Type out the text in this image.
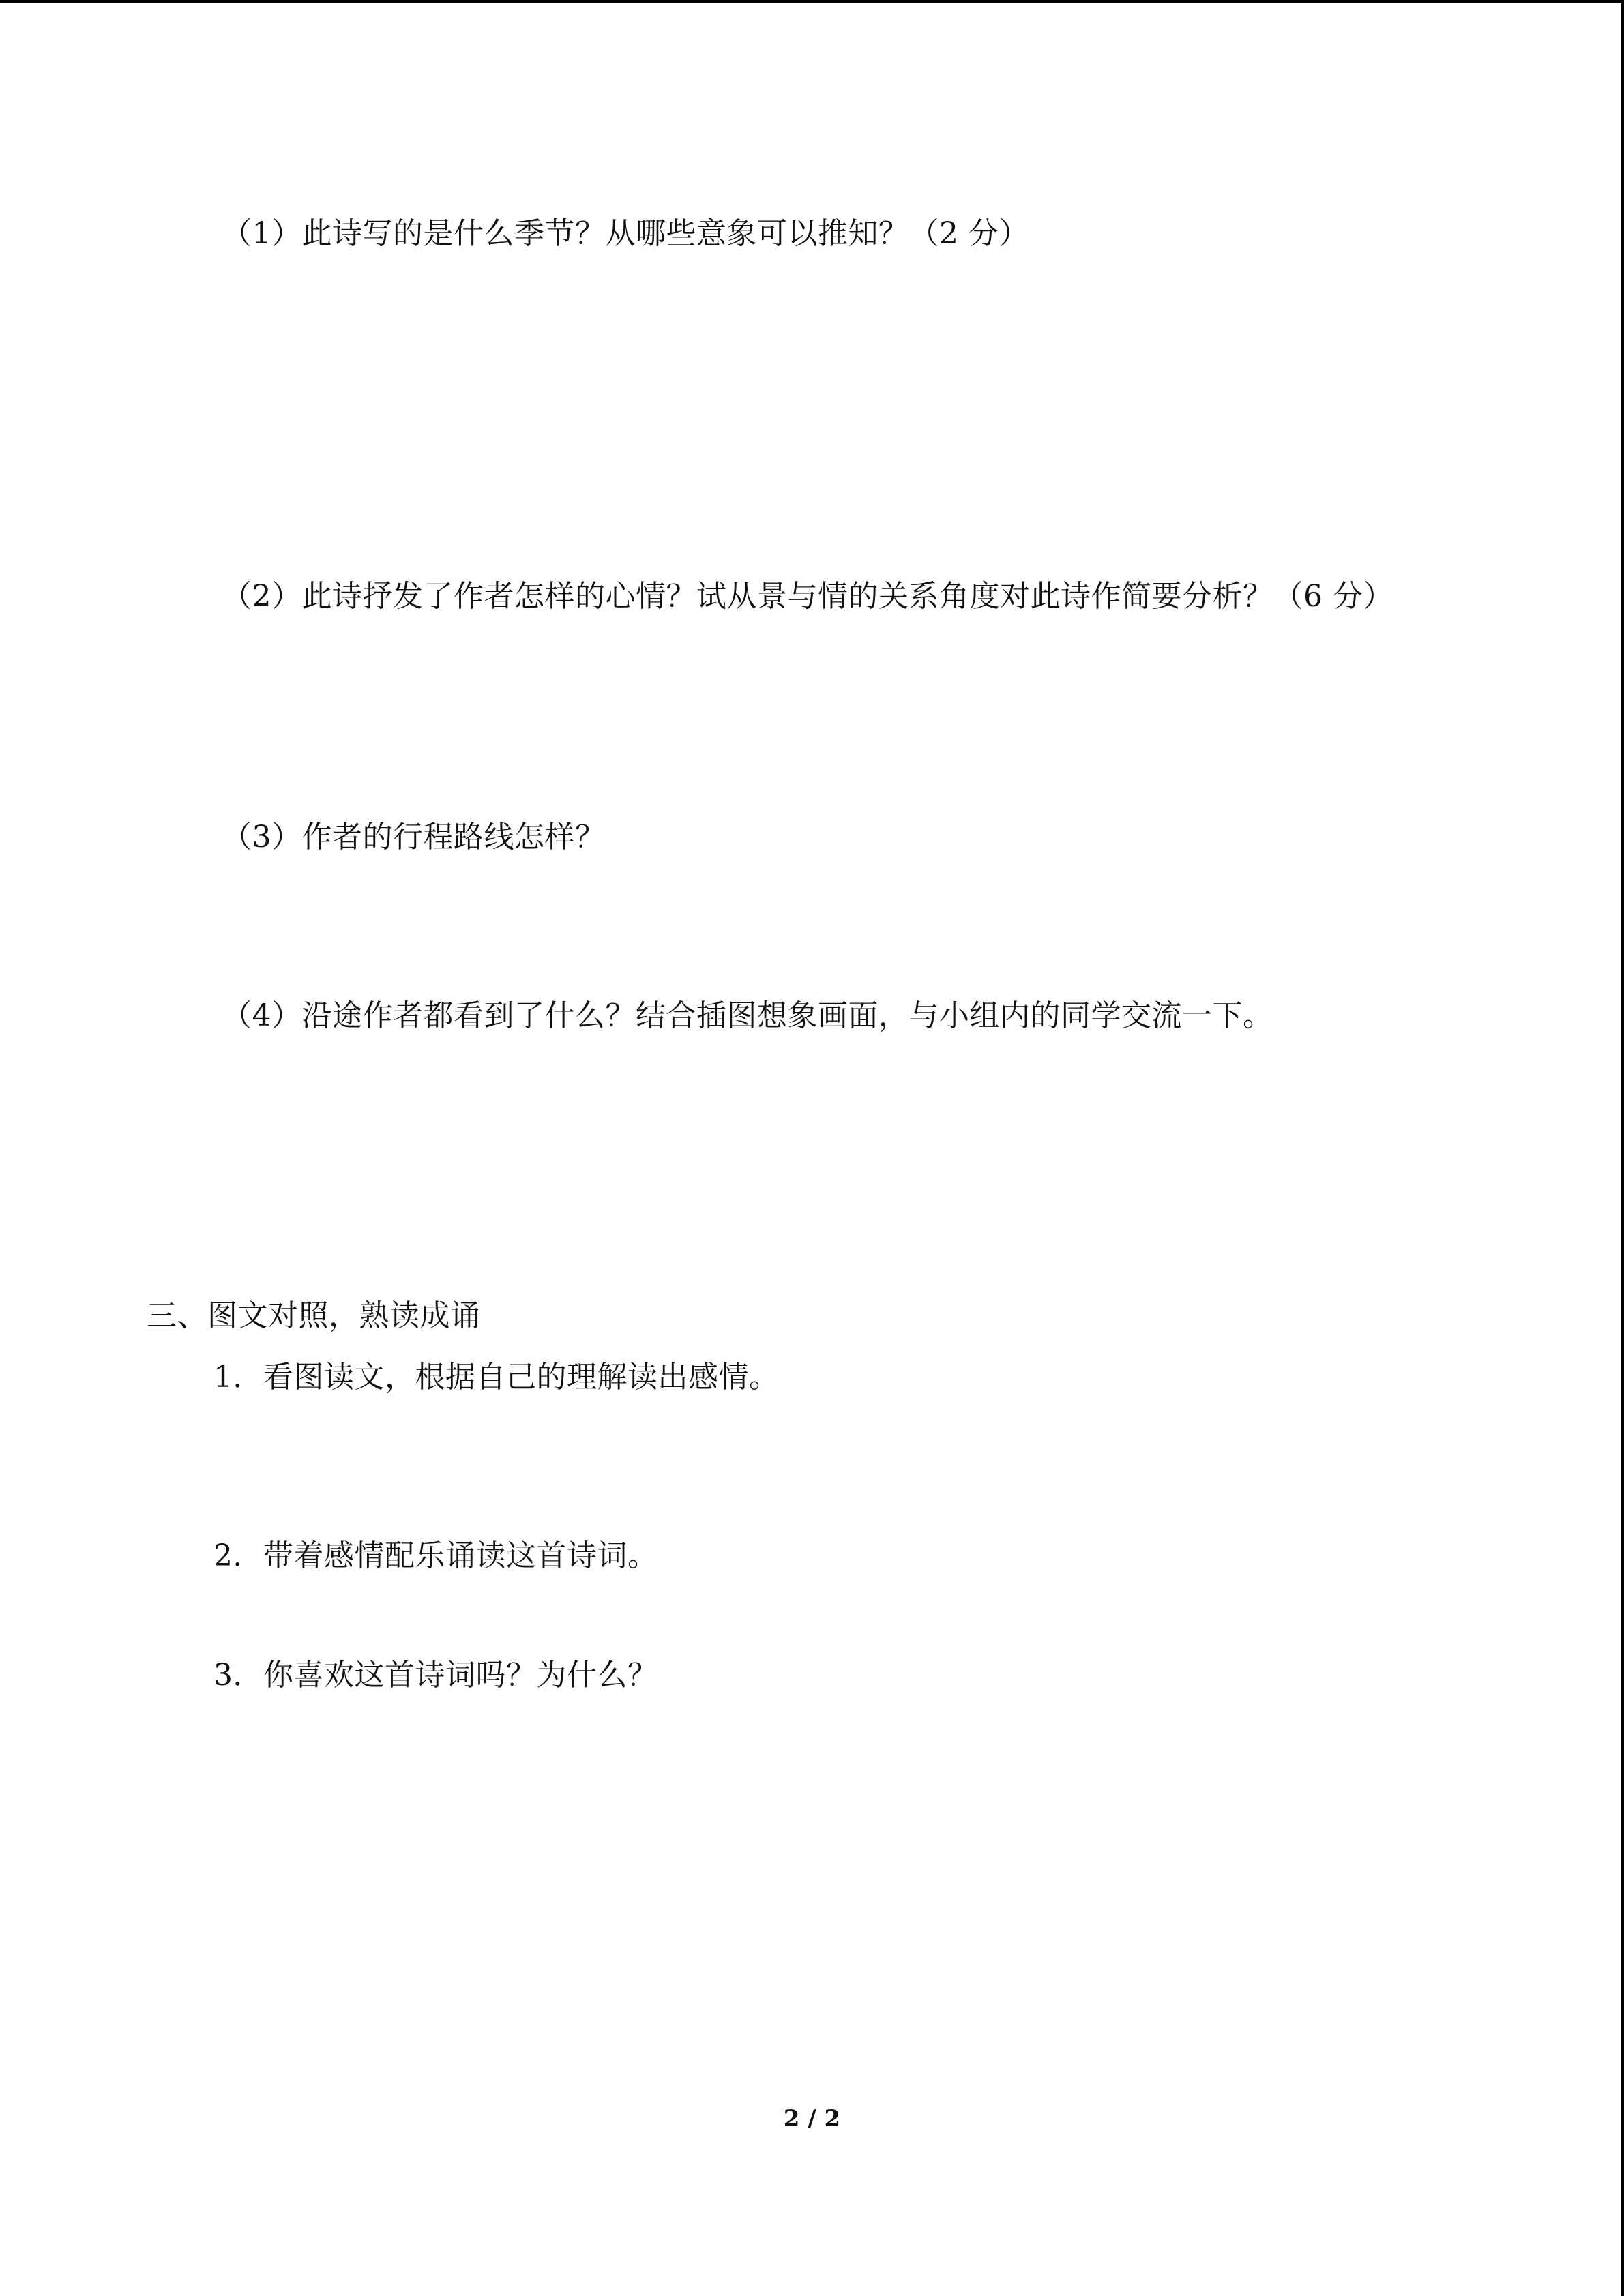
（1）此诗写的是什么季节？从哪些意象可以推知？（2 分）
（2）此诗抒发了作者怎样的心情？试从景与情的关系角度对此诗作简要分析？（6 分）
（3）作者的行程路线怎样？
（4）沿途作者都看到了什么？结合插图想象画面，与小组内的同学交流一下。
三、图文对照，熟读成诵
1．看图读文，根据自己的理解读出感情。
2．带着感情配乐诵读这首诗词。
3．你喜欢这首诗词吗？为什么？
2 / 2
